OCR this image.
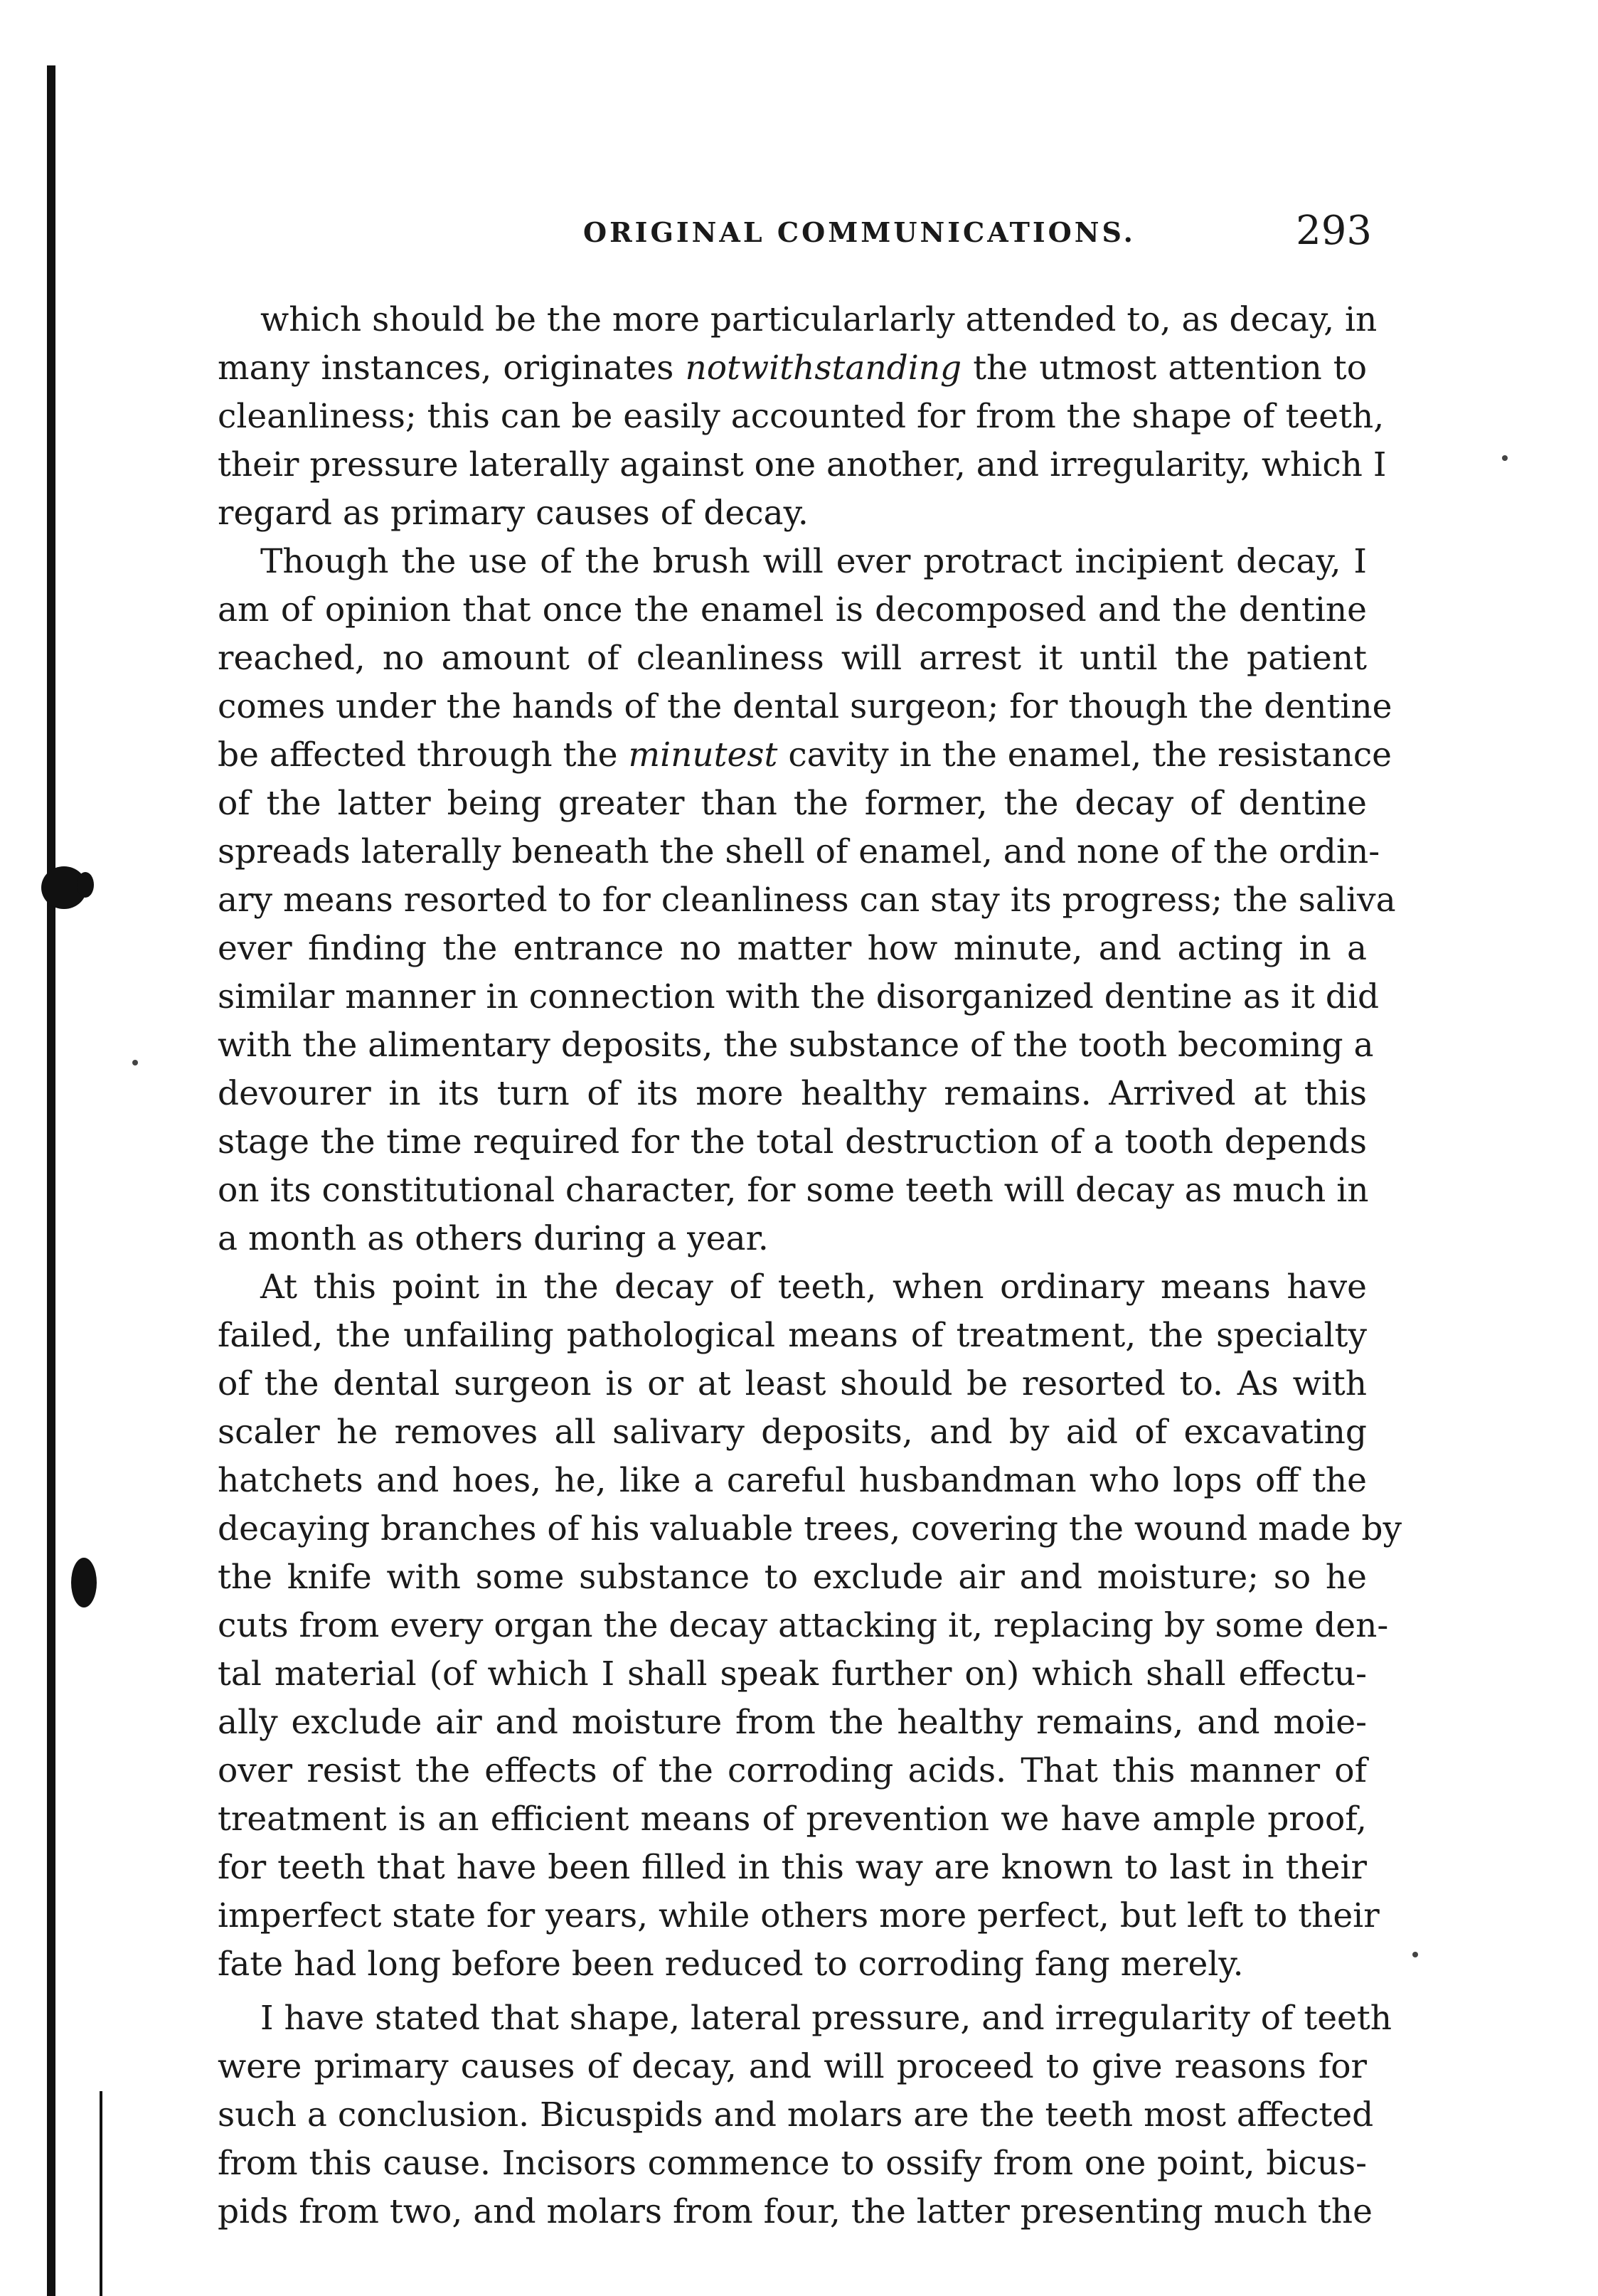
ORIGINAL COMMUNICATIONS.	293
which should be the more particularlarly attended to, as decay, in
many instances, originates notwithstanding the utmost attention to
cleanliness; this can be easily accounted for from the shape of teeth,
their pressure laterally against one another, and irregularity, which I
regard as primary causes of decay.
Though the use of the brush will ever protract incipient decay, I
am of opinion that once the enamel is decomposed and the dentine
reached, no amount of cleanliness will arrest it until the patient
comes under the hands of the dental surgeon; for though the dentine
be affected through the minutest cavity in the enamel, the resistance
of the latter being greater than the former, the decay of dentine
spreads laterally beneath the shell of enamel, and none of the ordin-
ary means resorted to for cleanliness can stay its progress; the saliva
ever finding the entrance no matter how minute, and acting in a
similar manner in connection with the disorganized dentine as it did
with the alimentary deposits, the substance of the tooth becoming a
devourer in its turn of its more healthy remains. Arrived at this
stage the time required for the total destruction of a tooth depends
on its constitutional character, for some teeth will decay as much in
a month as others during a year.
At this point in the decay of teeth, when ordinary means have
failed, the unfailing pathological means of treatment, the specialty
of the dental surgeon is or at least should be resorted to. As with
scaler he removes all salivary deposits, and by aid of excavating
hatchets and hoes, he, like a careful husbandman who lops off the
decaying branches of his valuable trees, covering the wound made by
the knife with some substance to exclude air and moisture; so he
cuts from every organ the decay attacking it, replacing by some den-
tal material (of which I shall speak further on) which shall effectu-
ally exclude air and moisture from the healthy remains, and moie-
over resist the effects of the corroding acids. That this manner of
treatment is an efficient means of prevention we have ample proof,
for teeth that have been filled in this way are known to last in their
imperfect state for years, while others more perfect, but left to their
fate had long before been reduced to corroding fang merely.
I have stated that shape, lateral pressure, and irregularity of teeth
were primary causes of decay, and will proceed to give reasons for
such a conclusion. Bicuspids and molars are the teeth most affected
from this cause. Incisors commence to ossify from one point, bicus-
pids from two, and molars from four, the latter presenting much the
